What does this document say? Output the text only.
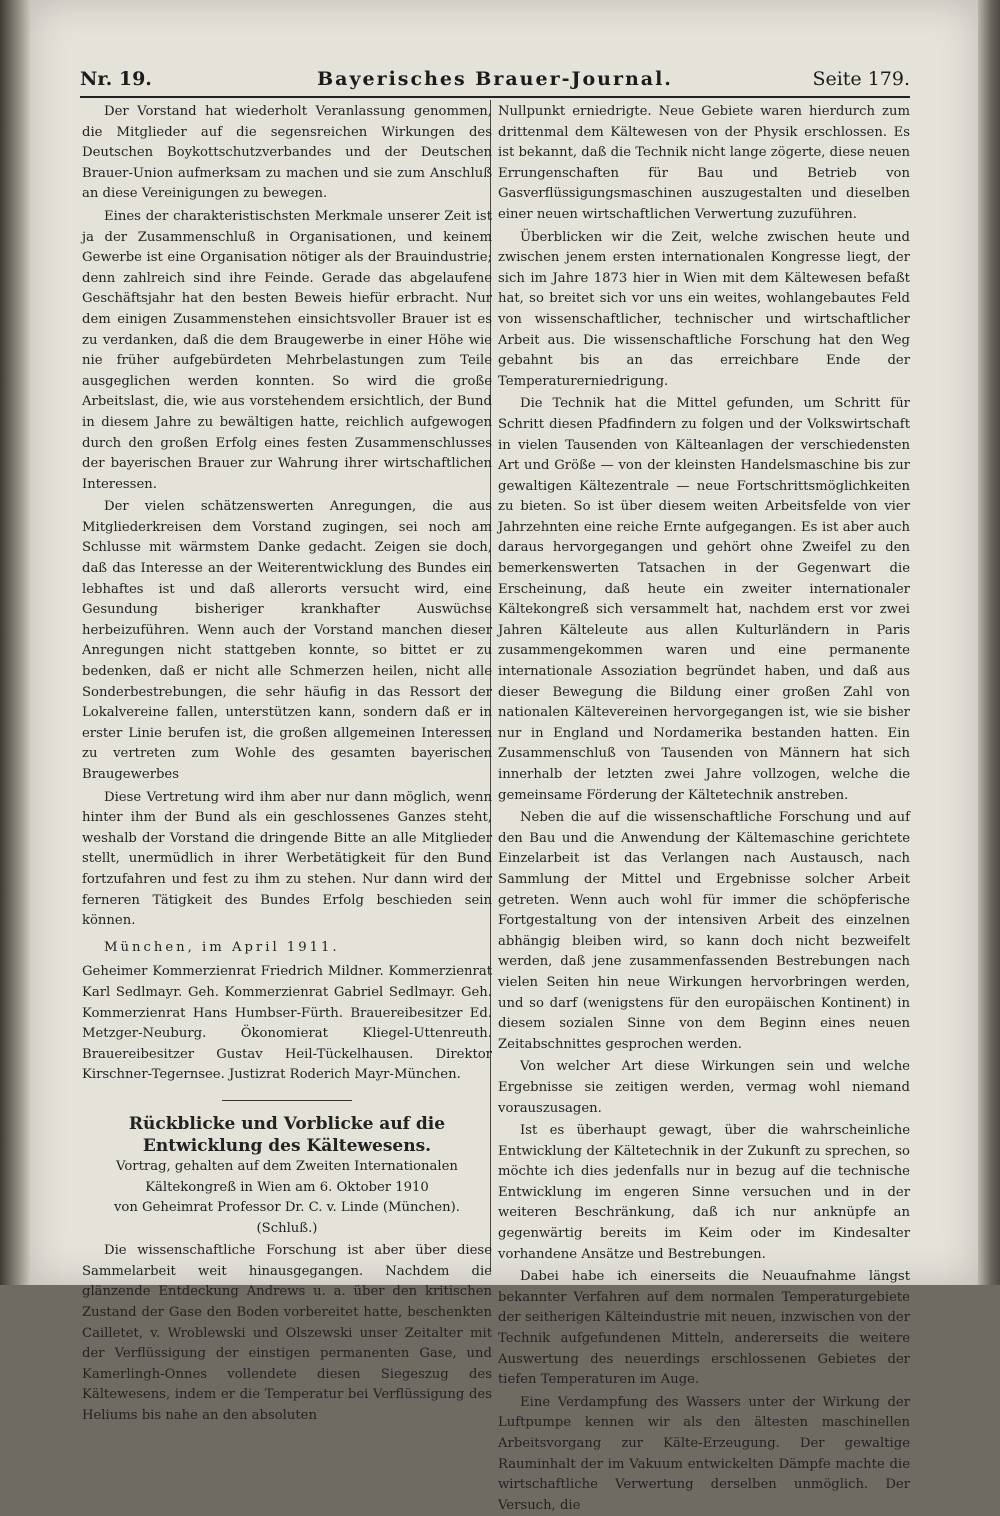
Nr. 19.	Bayerisches Brauer-Journal.	Seite 179.

Der Vorstand hat wiederholt Veranlassung genommen, die Mitglieder auf die segensreichen Wirkungen des Deutschen Boykottschutzverbandes und der Deutschen Brauer-Union aufmerksam zu machen und sie zum Anschluß an diese Vereinigungen zu bewegen.

Eines der charakteristischsten Merkmale unserer Zeit ist ja der Zusammenschluß in Organisationen, und keinem Gewerbe ist eine Organisation nötiger als der Brauindustrie; denn zahlreich sind ihre Feinde. Gerade das abgelaufene Geschäftsjahr hat den besten Beweis hiefür erbracht. Nur dem einigen Zusammenstehen einsichtsvoller Brauer ist es zu verdanken, daß die dem Braugewerbe in einer Höhe wie nie früher aufgebürdeten Mehrbelastungen zum Teile ausgeglichen werden konnten. So wird die große Arbeitslast, die, wie aus vorstehendem ersichtlich, der Bund in diesem Jahre zu bewältigen hatte, reichlich aufgewogen durch den großen Erfolg eines festen Zusammenschlusses der bayerischen Brauer zur Wahrung ihrer wirtschaftlichen Interessen.

Der vielen schätzenswerten Anregungen, die aus Mitgliederkreisen dem Vorstand zugingen, sei noch am Schlusse mit wärmstem Danke gedacht. Zeigen sie doch, daß das Interesse an der Weiterentwicklung des Bundes ein lebhaftes ist und daß allerorts versucht wird, eine Gesundung bisheriger krankhafter Auswüchse herbeizuführen. Wenn auch der Vorstand manchen dieser Anregungen nicht stattgeben konnte, so bittet er zu bedenken, daß er nicht alle Schmerzen heilen, nicht alle Sonderbestrebungen, die sehr häufig in das Ressort der Lokalvereine fallen, unterstützen kann, sondern daß er in erster Linie berufen ist, die großen allgemeinen Interessen zu vertreten zum Wohle des gesamten bayerischen Braugewerbes

Diese Vertretung wird ihm aber nur dann möglich, wenn hinter ihm der Bund als ein geschlossenes Ganzes steht, weshalb der Vorstand die dringende Bitte an alle Mitglieder stellt, unermüdlich in ihrer Werbetätigkeit für den Bund fortzufahren und fest zu ihm zu stehen. Nur dann wird der ferneren Tätigkeit des Bundes Erfolg beschieden sein können.

München, im April 1911.

Geheimer Kommerzienrat Friedrich Mildner. Kommerzienrat Karl Sedlmayr. Geh. Kommerzienrat Gabriel Sedlmayr. Geh. Kommerzienrat Hans Humbser-Fürth. Brauereibesitzer Ed. Metzger-Neuburg. Ökonomierat Kliegel-Uttenreuth. Brauereibesitzer Gustav Heil-Tückelhausen. Direktor Kirschner-Tegernsee. Justizrat Roderich Mayr-München.

Rückblicke und Vorblicke auf die Entwicklung des Kältewesens.

Vortrag, gehalten auf dem Zweiten Internationalen Kältekongreß in Wien am 6. Oktober 1910

von Geheimrat Professor Dr. C. v. Linde (München).

(Schluß.)

Die wissenschaftliche Forschung ist aber über diese Sammelarbeit weit hinausgegangen. Nachdem die glänzende Entdeckung Andrews u. a. über den kritischen Zustand der Gase den Boden vorbereitet hatte, beschenkten Cailletet, v. Wroblewski und Olszewski unser Zeitalter mit der Verflüssigung der einstigen permanenten Gase, und Kamerlingh-Onnes vollendete diesen Siegeszug des Kältewesens, indem er die Temperatur bei Verflüssigung des Heliums bis nahe an den absoluten

Nullpunkt erniedrigte. Neue Gebiete waren hierdurch zum drittenmal dem Kältewesen von der Physik erschlossen. Es ist bekannt, daß die Technik nicht lange zögerte, diese neuen Errungenschaften für Bau und Betrieb von Gasverflüssigungsmaschinen auszugestalten und dieselben einer neuen wirtschaftlichen Verwertung zuzuführen.

Überblicken wir die Zeit, welche zwischen heute und zwischen jenem ersten internationalen Kongresse liegt, der sich im Jahre 1873 hier in Wien mit dem Kältewesen befaßt hat, so breitet sich vor uns ein weites, wohlangebautes Feld von wissenschaftlicher, technischer und wirtschaftlicher Arbeit aus. Die wissenschaftliche Forschung hat den Weg gebahnt bis an das erreichbare Ende der Temperaturerniedrigung.

Die Technik hat die Mittel gefunden, um Schritt für Schritt diesen Pfadfindern zu folgen und der Volkswirtschaft in vielen Tausenden von Kälteanlagen der verschiedensten Art und Größe — von der kleinsten Handelsmaschine bis zur gewaltigen Kältezentrale — neue Fortschrittsmöglichkeiten zu bieten. So ist über diesem weiten Arbeitsfelde von vier Jahrzehnten eine reiche Ernte aufgegangen. Es ist aber auch daraus hervorgegangen und gehört ohne Zweifel zu den bemerkenswerten Tatsachen in der Gegenwart die Erscheinung, daß heute ein zweiter internationaler Kältekongreß sich versammelt hat, nachdem erst vor zwei Jahren Kälteleute aus allen Kulturländern in Paris zusammengekommen waren und eine permanente internationale Assoziation begründet haben, und daß aus dieser Bewegung die Bildung einer großen Zahl von nationalen Kältevereinen hervorgegangen ist, wie sie bisher nur in England und Nordamerika bestanden hatten. Ein Zusammenschluß von Tausenden von Männern hat sich innerhalb der letzten zwei Jahre vollzogen, welche die gemeinsame Förderung der Kältetechnik anstreben.

Neben die auf die wissenschaftliche Forschung und auf den Bau und die Anwendung der Kältemaschine gerichtete Einzelarbeit ist das Verlangen nach Austausch, nach Sammlung der Mittel und Ergebnisse solcher Arbeit getreten. Wenn auch wohl für immer die schöpferische Fortgestaltung von der intensiven Arbeit des einzelnen abhängig bleiben wird, so kann doch nicht bezweifelt werden, daß jene zusammenfassenden Bestrebungen nach vielen Seiten hin neue Wirkungen hervorbringen werden, und so darf (wenigstens für den europäischen Kontinent) in diesem sozialen Sinne von dem Beginn eines neuen Zeitabschnittes gesprochen werden.

Von welcher Art diese Wirkungen sein und welche Ergebnisse sie zeitigen werden, vermag wohl niemand vorauszusagen.

Ist es überhaupt gewagt, über die wahrscheinliche Entwicklung der Kältetechnik in der Zukunft zu sprechen, so möchte ich dies jedenfalls nur in bezug auf die technische Entwicklung im engeren Sinne versuchen und in der weiteren Beschränkung, daß ich nur anknüpfe an gegenwärtig bereits im Keim oder im Kindesalter vorhandene Ansätze und Bestrebungen.

Dabei habe ich einerseits die Neuaufnahme längst bekannter Verfahren auf dem normalen Temperaturgebiete der seitherigen Kälteindustrie mit neuen, inzwischen von der Technik aufgefundenen Mitteln, andererseits die weitere Auswertung des neuerdings erschlossenen Gebietes der tiefen Temperaturen im Auge.

Eine Verdampfung des Wassers unter der Wirkung der Luftpumpe kennen wir als den ältesten maschinellen Arbeitsvorgang zur Kälte-Erzeugung. Der gewaltige Rauminhalt der im Vakuum entwickelten Dämpfe machte die wirtschaftliche Verwertung derselben unmöglich. Der Versuch, die
